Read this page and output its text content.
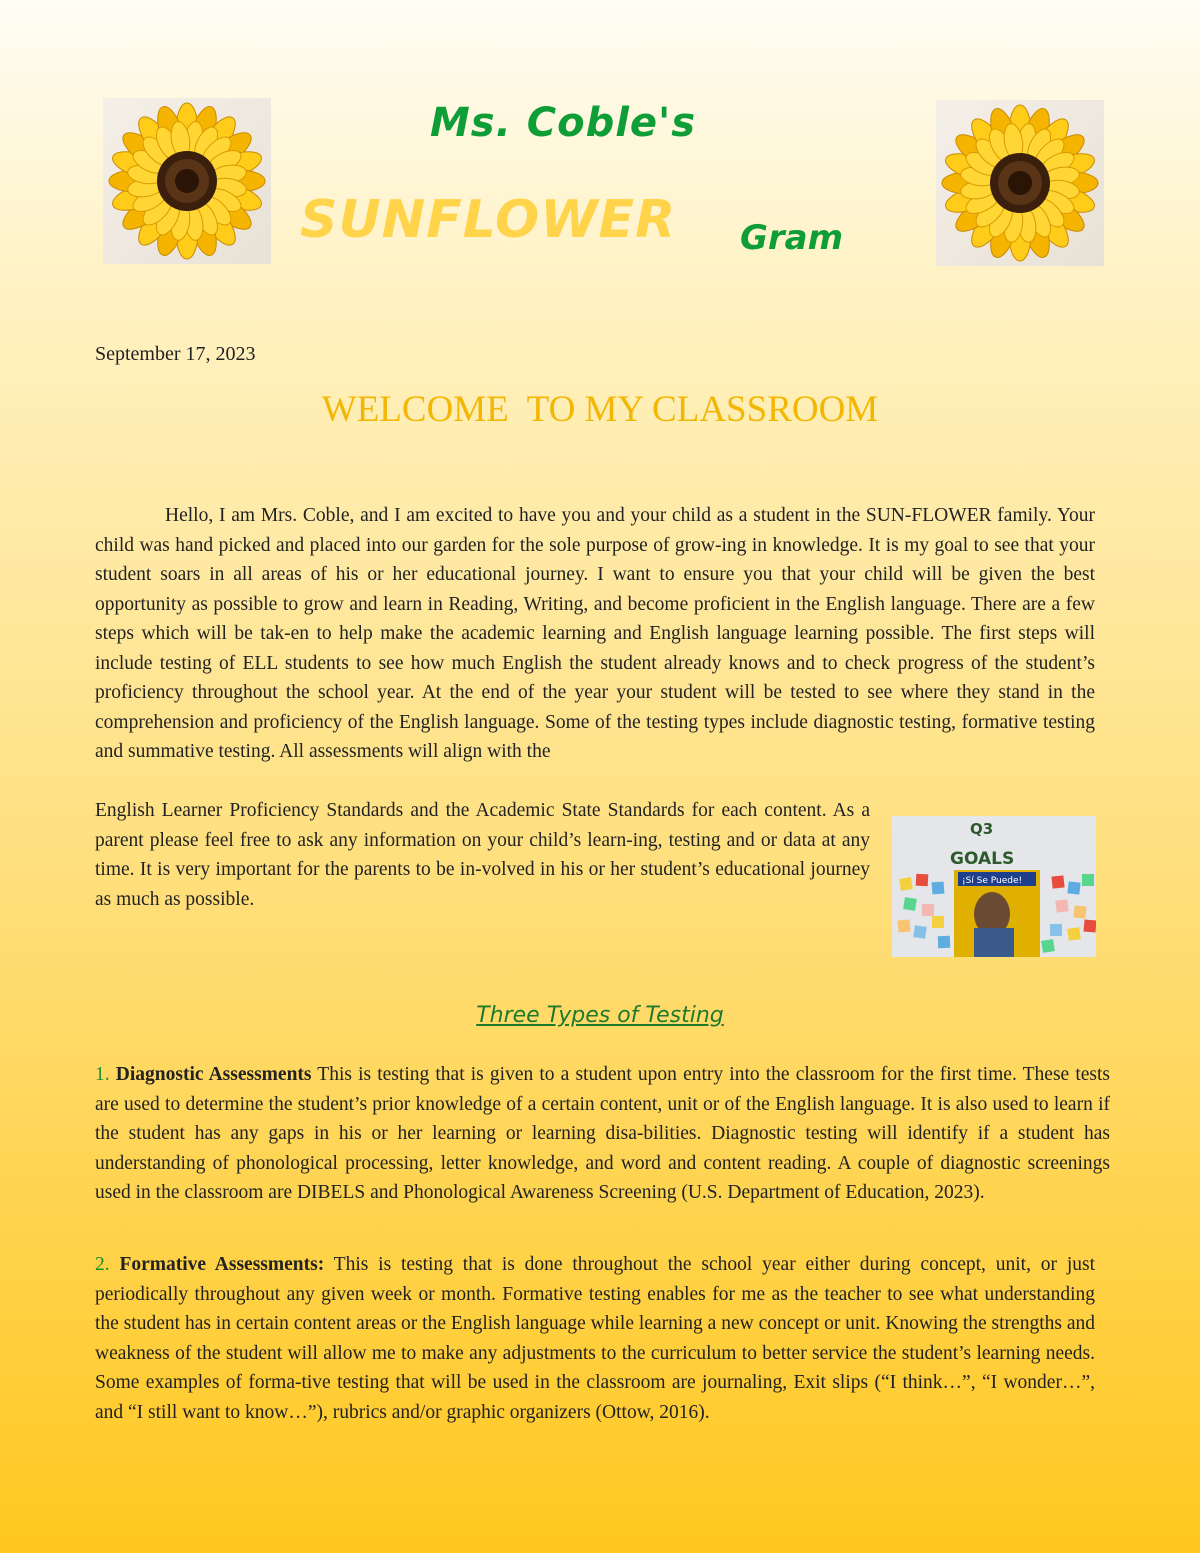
Ms. Coble's
SUNFLOWER Gram
September 17, 2023
WELCOME  TO MY CLASSROOM
Hello, I am Mrs. Coble, and I am excited to have you and your child as a student in the SUN-FLOWER family. Your child was hand picked and placed into our garden for the sole purpose of grow-ing in knowledge. It is my goal to see that your student soars in all areas of his or her educational journey. I want to ensure you that your child will be given the best opportunity as possible to grow and learn in Reading, Writing, and become proficient in the English language. There are a few steps which will be tak-en to help make the academic learning and English language learning possible. The first steps will include testing of ELL students to see how much English the student already knows and to check progress of the student’s proficiency throughout the school year. At the end of the year your student will be tested to see where they stand in the comprehension and proficiency of the English language. Some of the testing types include diagnostic testing, formative testing and summative testing. All assessments will align with the
English Learner Proficiency Standards and the Academic State Standards for each content. As a parent please feel free to ask any information on your child’s learn-ing, testing and or data at any time. It is very important for the parents to be in-volved in his or her student’s educational journey as much as possible.
Q3
GOALS
¡Sí Se Puede!
Three Types of Testing
1. Diagnostic Assessments This is testing that is given to a student upon entry into the classroom for the first time. These tests are used to determine the student’s prior knowledge of a certain content, unit or of the English language. It is also used to learn if the student has any gaps in his or her learning or learning disa-bilities. Diagnostic testing will identify if a student has understanding of phonological processing, letter knowledge, and word and content reading. A couple of diagnostic screenings used in the classroom are DIBELS and Phonological Awareness Screening (U.S. Department of Education, 2023).
2. Formative Assessments: This is testing that is done throughout the school year either during concept, unit, or just periodically throughout any given week or month. Formative testing enables for me as the teacher to see what understanding the student has in certain content areas or the English language while learning a new concept or unit. Knowing the strengths and weakness of the student will allow me to make any adjustments to the curriculum to better service the student’s learning needs. Some examples of forma-tive testing that will be used in the classroom are journaling, Exit slips (“I think…”, “I wonder…”, and “I still want to know…”), rubrics and/or graphic organizers (Ottow, 2016).
